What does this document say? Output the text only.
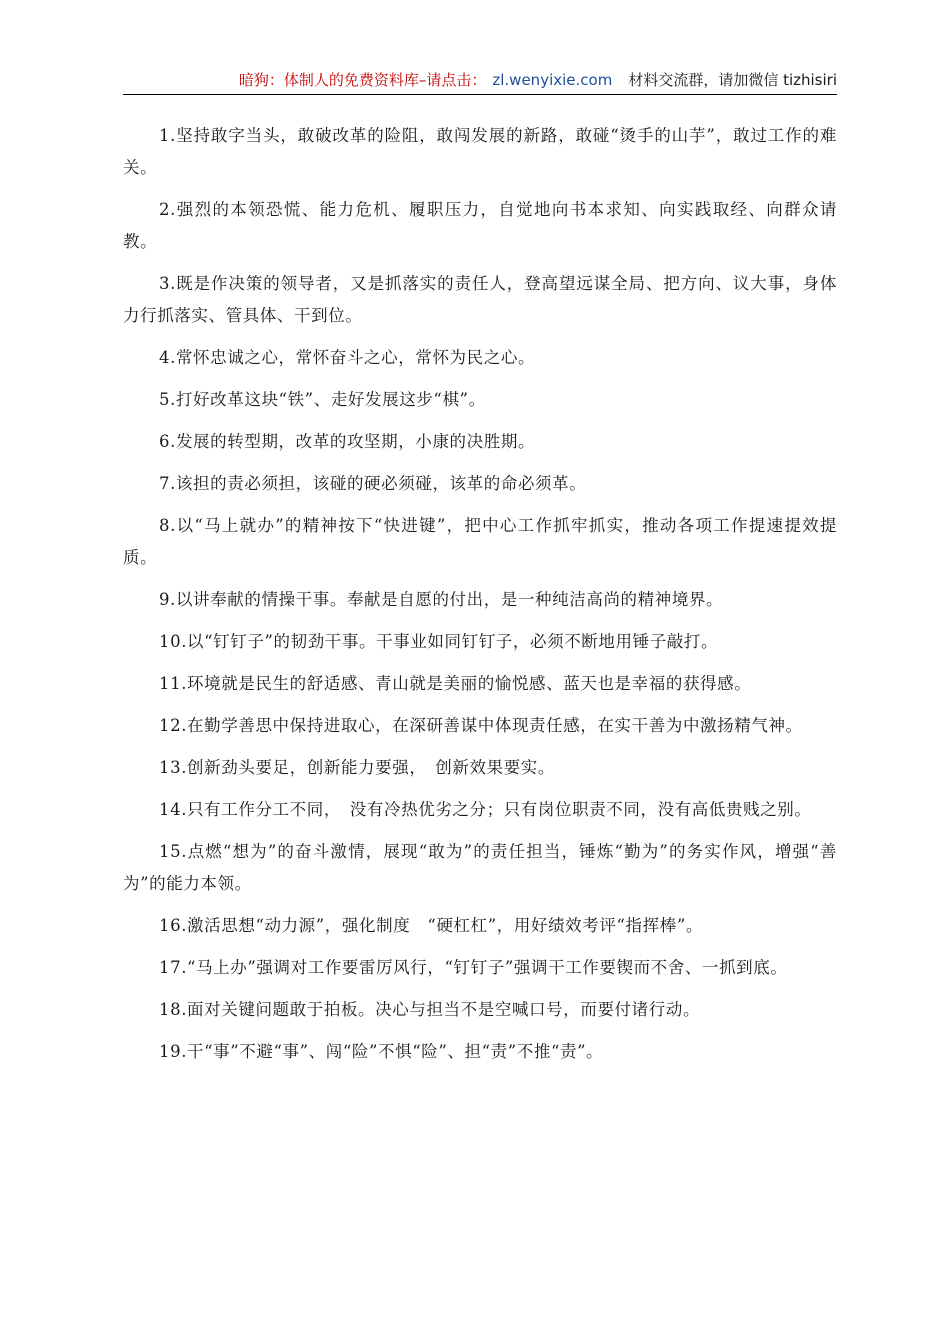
暗狗：体制人的免费资料库–请点击： zl.wenyixie.com 材料交流群，请加微信 tizhisiri

1.坚持敢字当头，敢破改革的险阻，敢闯发展的新路，敢碰“烫手的山芋”，敢过工作的难关。

2.强烈的本领恐慌、能力危机、履职压力，自觉地向书本求知、向实践取经、向群众请教。

3.既是作决策的领导者，又是抓落实的责任人，登高望远谋全局、把方向、议大事，身体力行抓落实、管具体、干到位。

4.常怀忠诚之心，常怀奋斗之心，常怀为民之心。

5.打好改革这块“铁”、走好发展这步“棋”。

6.发展的转型期，改革的攻坚期，小康的决胜期。

7.该担的责必须担，该碰的硬必须碰，该革的命必须革。

8.以“马上就办”的精神按下“快进键”，把中心工作抓牢抓实，推动各项工作提速提效提质。

9.以讲奉献的情操干事。奉献是自愿的付出，是一种纯洁高尚的精神境界。

10.以“钉钉子”的韧劲干事。干事业如同钉钉子，必须不断地用锤子敲打。

11.环境就是民生的舒适感、青山就是美丽的愉悦感、蓝天也是幸福的获得感。

12.在勤学善思中保持进取心，在深研善谋中体现责任感，在实干善为中激扬精气神。

13.创新劲头要足，创新能力要强，　创新效果要实。

14.只有工作分工不同，　没有冷热优劣之分；只有岗位职责不同，没有高低贵贱之别。

15.点燃“想为”的奋斗激情，展现“敢为”的责任担当，锤炼“勤为”的务实作风，增强“善为”的能力本领。

16.激活思想“动力源”，强化制度　“硬杠杠”，用好绩效考评“指挥棒”。

17.“马上办”强调对工作要雷厉风行，“钉钉子”强调干工作要锲而不舍、一抓到底。

18.面对关键问题敢于拍板。决心与担当不是空喊口号，而要付诸行动。

19.干“事”不避“事”、闯“险”不惧“险”、担“责”不推“责”。
